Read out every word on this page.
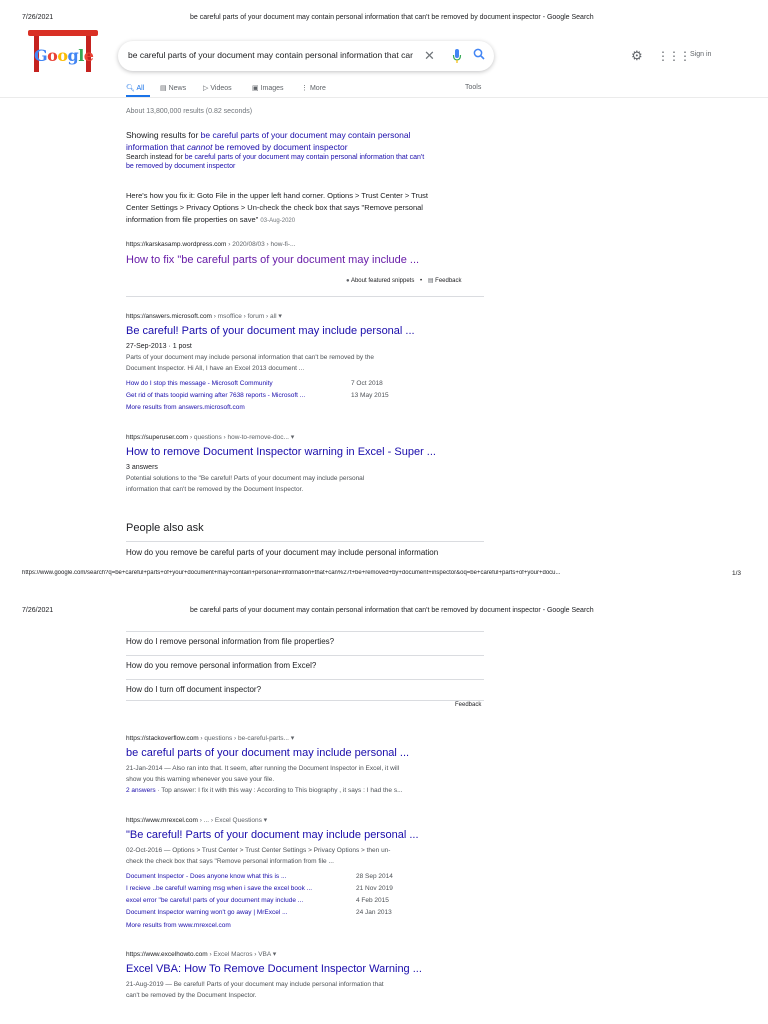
7/26/2021	be careful parts of your document may contain personal information that can't be removed by document inspector - Google Search
Google	be careful parts of your document may contain personal information that car ✕	⚙ ⋮⋮⋮ Sign in
🔍︎ All ▤ News ▷ Videos	▣ Images ⋮ More	Tools
About 13,800,000 results (0.82 seconds)
Showing results for be careful parts of your document may contain personal
information that cannot be removed by document inspector
Search instead for be careful parts of your document may contain personal information that can't
be removed by document inspector
Here's how you fix it: Goto File in the upper left hand corner. Options > Trust Center > Trust
Center Settings > Privacy Options > Un-check the check box that says "Remove personal
information from file properties on save" 03-Aug-2020
https://karskasamp.wordpress.com › 2020/08/03 › how-fi-...
How to fix "be careful parts of your document may include ...
● About featured snippets • ▤ Feedback
https://answers.microsoft.com › msoffice › forum › all ▾
Be careful! Parts of your document may include personal ...
27-Sep-2013 · 1 post
Parts of your document may include personal information that can't be removed by the
Document Inspector. Hi All, I have an Excel 2013 document ...
How do I stop this message - Microsoft Community	7 Oct 2018
Get rid of thats toopid warning after 7638 reports - Microsoft ...	13 May 2015
More results from answers.microsoft.com
https://superuser.com › questions › how-to-remove-doc... ▾
How to remove Document Inspector warning in Excel - Super ...
3 answers
Potential solutions to the "Be careful! Parts of your document may include personal
information that can't be removed by the Document Inspector.
People also ask
How do you remove be careful parts of your document may include personal information
https://www.google.com/search?q=be+careful+parts+of+your+document+may+contain+personal+information+that+can%27t+be+removed+by+document+inspector&oq=be+careful+parts+of+your+docu...	1/3
7/26/2021	be careful parts of your document may contain personal information that can't be removed by document inspector - Google Search
How do I remove personal information from file properties?
How do you remove personal information from Excel?
How do I turn off document inspector?
Feedback
https://stackoverflow.com › questions › be-careful-parts... ▾
be careful parts of your document may include personal ...
21-Jan-2014 — Also ran into that. It seem, after running the Document Inspector in Excel, it will
show you this warning whenever you save your file.
2 answers · Top answer: I fix it with this way : According to This biography , it says : I had the s...
https://www.mrexcel.com › ... › Excel Questions ▾
"Be careful! Parts of your document may include personal ...
02-Oct-2016 — Options > Trust Center > Trust Center Settings > Privacy Options > then un-
check the check box that says "Remove personal information from file ...
Document Inspector - Does anyone know what this is ...	28 Sep 2014
I recieve ..be careful! warning msg when i save the excel book ...	21 Nov 2019
excel error "be careful! parts of your document may include ...	4 Feb 2015
Document Inspector warning won't go away | MrExcel ...	24 Jan 2013
More results from www.mrexcel.com
https://www.excelhowto.com › Excel Macros › VBA ▾
Excel VBA: How To Remove Document Inspector Warning ...
21-Aug-2019 — Be careful! Parts of your document may include personal information that
can't be removed by the Document Inspector.
